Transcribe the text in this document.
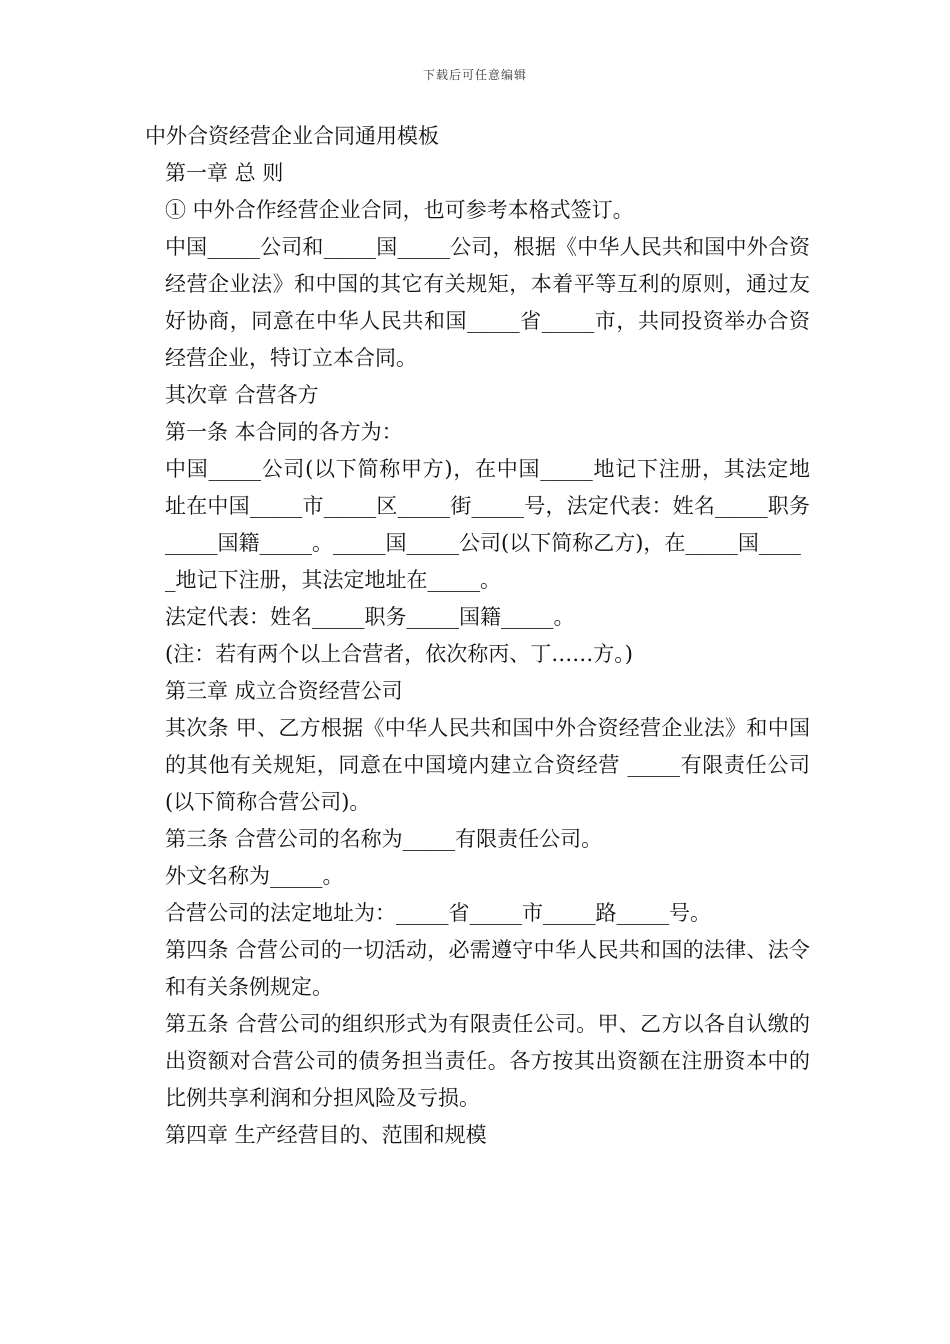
下载后可任意编辑

中外合资经营企业合同通用模板

第一章 总 则

① 中外合作经营企业合同，也可参考本格式签订。

中国_____公司和_____国_____公司，根据《中华人民共和国中外合资经营企业法》和中国的其它有关规矩，本着平等互利的原则，通过友好协商，同意在中华人民共和国_____省_____市，共同投资举办合资经营企业，特订立本合同。

其次章 合营各方

第一条 本合同的各方为：

中国_____公司(以下简称甲方)，在中国_____地记下注册，其法定地址在中国_____市_____区_____街_____号，法定代表：姓名_____职务_____国籍_____。_____国_____公司(以下简称乙方)，在_____国____

_地记下注册，其法定地址在_____。

法定代表：姓名_____职务_____国籍_____。

(注：若有两个以上合营者，依次称丙、丁……方。)

第三章 成立合资经营公司

其次条 甲、乙方根据《中华人民共和国中外合资经营企业法》和中国的其他有关规矩，同意在中国境内建立合资经营 _____有限责任公司(以下简称合营公司)。

第三条 合营公司的名称为_____有限责任公司。

外文名称为_____。

合营公司的法定地址为：_____省_____市_____路_____号。

第四条 合营公司的一切活动，必需遵守中华人民共和国的法律、法令和有关条例规定。

第五条 合营公司的组织形式为有限责任公司。甲、乙方以各自认缴的出资额对合营公司的债务担当责任。各方按其出资额在注册资本中的比例共享利润和分担风险及亏损。

第四章 生产经营目的、范围和规模
